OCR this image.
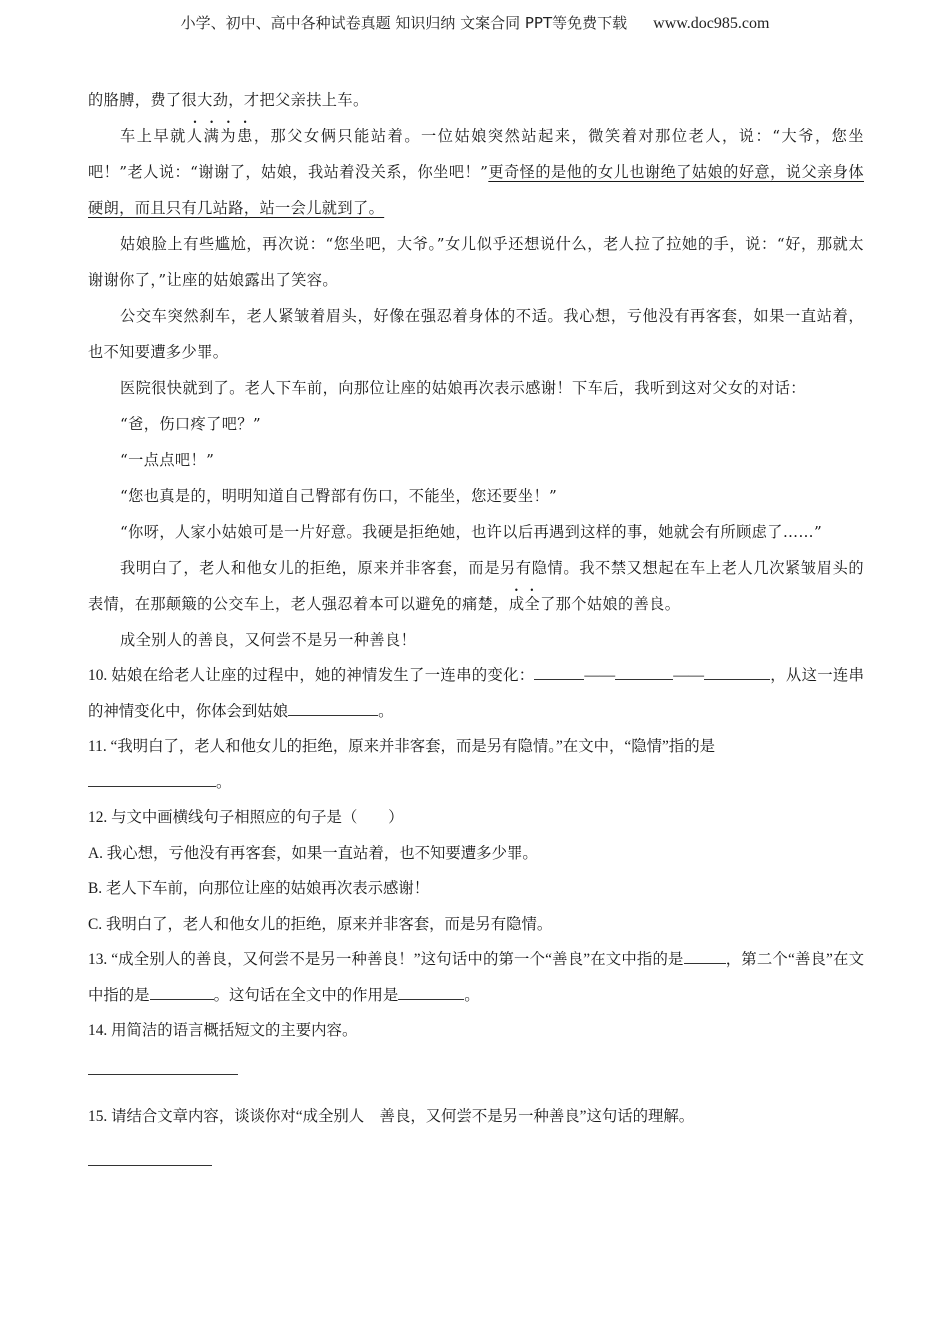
小学、初中、高中各种试卷真题 知识归纳 文案合同 PPT等免费下载 www.doc985.com

的胳膊，费了很大劲，才把父亲扶上车。

车上早就人满为患，那父女俩只能站着。一位姑娘突然站起来，微笑着对那位老人，说：“大爷，您坐吧！”老人说：“谢谢了，姑娘，我站着没关系，你坐吧！”更奇怪的是他的女儿也谢绝了姑娘的好意，说父亲身体硬朗，而且只有几站路，站一会儿就到了。

姑娘脸上有些尴尬，再次说：“您坐吧，大爷。”女儿似乎还想说什么，老人拉了拉她的手，说：“好，那就太谢谢你了，”让座的姑娘露出了笑容。

公交车突然刹车，老人紧皱着眉头，好像在强忍着身体的不适。我心想，亏他没有再客套，如果一直站着，也不知要遭多少罪。

医院很快就到了。老人下车前，向那位让座的姑娘再次表示感谢！下车后，我听到这对父女的对话：

“爸，伤口疼了吧？”

“一点点吧！”

“您也真是的，明明知道自己臀部有伤口，不能坐，您还要坐！”

“你呀，人家小姑娘可是一片好意。我硬是拒绝她，也许以后再遇到这样的事，她就会有所顾虑了……”

我明白了，老人和他女儿的拒绝，原来并非客套，而是另有隐情。我不禁又想起在车上老人几次紧皱眉头的表情，在那颠簸的公交车上，老人强忍着本可以避免的痛楚，成全了那个姑娘的善良。

成全别人的善良，又何尝不是另一种善良！

10. 姑娘在给老人让座的过程中，她的神情发生了一连串的变化：	——	——	，从这一连串的神情变化中，你体会到姑娘	。

11. “我明白了，老人和他女儿的拒绝，原来并非客套，而是另有隐情。”在文中，“隐情”指的是
。

12. 与文中画横线句子相照应的句子是（　　）

A. 我心想，亏他没有再客套，如果一直站着，也不知要遭多少罪。

B. 老人下车前，向那位让座的姑娘再次表示感谢！

C. 我明白了，老人和他女儿的拒绝，原来并非客套，而是另有隐情。

13. “成全别人的善良，又何尝不是另一种善良！”这句话中的第一个“善良”在文中指的是	，第二个“善良”在文中指的是	。这句话在全文中的作用是	。

14. 用简洁的语言概括短文的主要内容。

15. 请结合文章内容，谈谈你对“成全别人　善良，又何尝不是另一种善良”这句话的理解。
